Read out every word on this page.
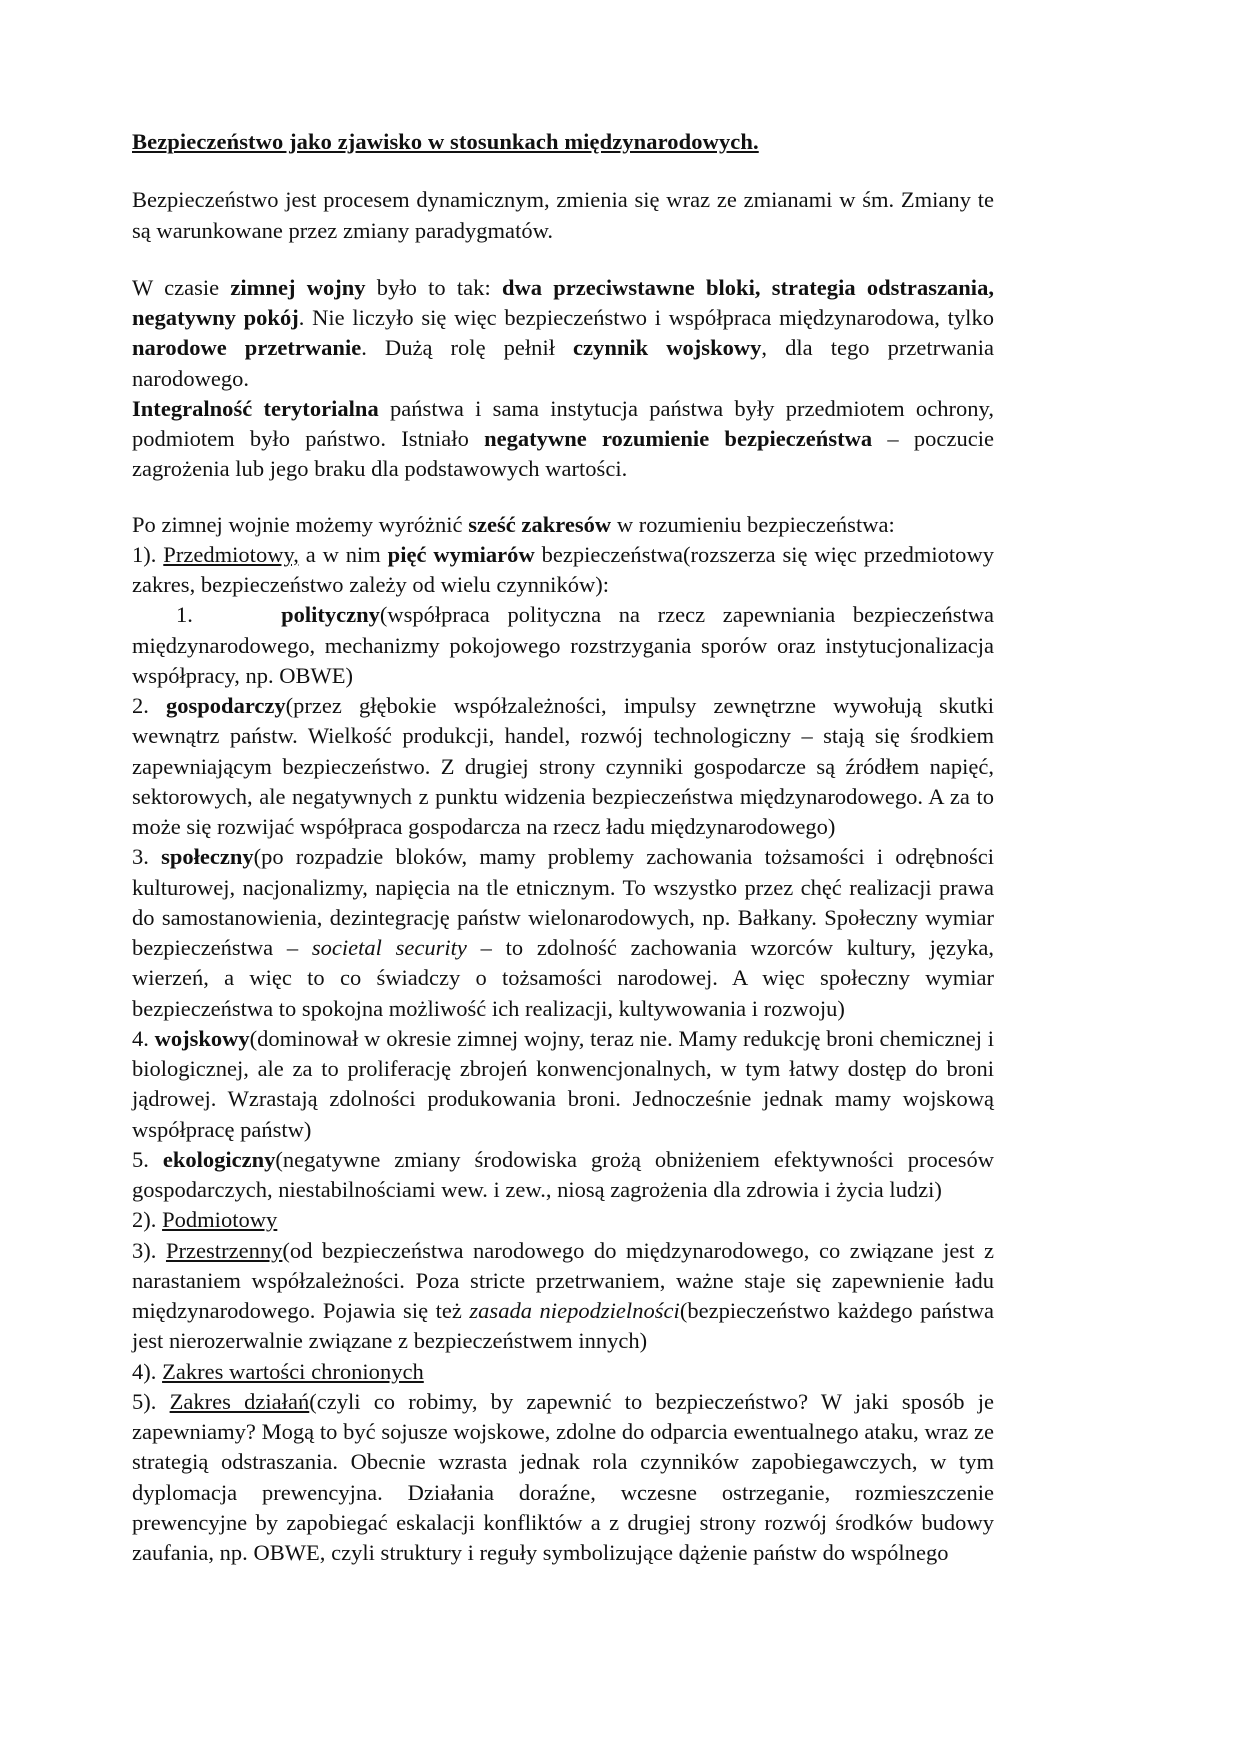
Bezpieczeństwo jako zjawisko w stosunkach międzynarodowych.

Bezpieczeństwo jest procesem dynamicznym, zmienia się wraz ze zmianami w śm. Zmiany te są warunkowane przez zmiany paradygmatów.

W czasie zimnej wojny było to tak: dwa przeciwstawne bloki, strategia odstraszania, negatywny pokój. Nie liczyło się więc bezpieczeństwo i współpraca międzynarodowa, tylko narodowe przetrwanie. Dużą rolę pełnił czynnik wojskowy, dla tego przetrwania narodowego.

Integralność terytorialna państwa i sama instytucja państwa były przedmiotem ochrony, podmiotem było państwo. Istniało negatywne rozumienie bezpieczeństwa – poczucie zagrożenia lub jego braku dla podstawowych wartości.

Po zimnej wojnie możemy wyróżnić sześć zakresów w rozumieniu bezpieczeństwa:

1). Przedmiotowy, a w nim pięć wymiarów bezpieczeństwa(rozszerza się więc przedmiotowy zakres, bezpieczeństwo zależy od wielu czynników):

1.	polityczny(współpraca polityczna na rzecz zapewniania bezpieczeństwa międzynarodowego, mechanizmy pokojowego rozstrzygania sporów oraz instytucjonalizacja współpracy, np. OBWE)

2. gospodarczy(przez głębokie współzależności, impulsy zewnętrzne wywołują skutki wewnątrz państw. Wielkość produkcji, handel, rozwój technologiczny – stają się środkiem zapewniającym bezpieczeństwo. Z drugiej strony czynniki gospodarcze są źródłem napięć, sektorowych, ale negatywnych z punktu widzenia bezpieczeństwa międzynarodowego. A za to może się rozwijać współpraca gospodarcza na rzecz ładu międzynarodowego)

3. społeczny(po rozpadzie bloków, mamy problemy zachowania tożsamości i odrębności kulturowej, nacjonalizmy, napięcia na tle etnicznym. To wszystko przez chęć realizacji prawa do samostanowienia, dezintegrację państw wielonarodowych, np. Bałkany. Społeczny wymiar bezpieczeństwa – societal security – to zdolność zachowania wzorców kultury, języka, wierzeń, a więc to co świadczy o tożsamości narodowej. A więc społeczny wymiar bezpieczeństwa to spokojna możliwość ich realizacji, kultywowania i rozwoju)

4. wojskowy(dominował w okresie zimnej wojny, teraz nie. Mamy redukcję broni chemicznej i biologicznej, ale za to proliferację zbrojeń konwencjonalnych, w tym łatwy dostęp do broni jądrowej. Wzrastają zdolności produkowania broni. Jednocześnie jednak mamy wojskową współpracę państw)

5. ekologiczny(negatywne zmiany środowiska grożą obniżeniem efektywności procesów gospodarczych, niestabilnościami wew. i zew., niosą zagrożenia dla zdrowia i życia ludzi)

2). Podmiotowy

3). Przestrzenny(od bezpieczeństwa narodowego do międzynarodowego, co związane jest z narastaniem współzależności. Poza stricte przetrwaniem, ważne staje się zapewnienie ładu międzynarodowego. Pojawia się też zasada niepodzielności(bezpieczeństwo każdego państwa jest nierozerwalnie związane z bezpieczeństwem innych)

4). Zakres wartości chronionych

5). Zakres działań(czyli co robimy, by zapewnić to bezpieczeństwo? W jaki sposób je zapewniamy? Mogą to być sojusze wojskowe, zdolne do odparcia ewentualnego ataku, wraz ze strategią odstraszania. Obecnie wzrasta jednak rola czynników zapobiegawczych, w tym dyplomacja prewencyjna. Działania doraźne, wczesne ostrzeganie, rozmieszczenie prewencyjne by zapobiegać eskalacji konfliktów a z drugiej strony rozwój środków budowy zaufania, np. OBWE, czyli struktury i reguły symbolizujące dążenie państw do wspólnego
